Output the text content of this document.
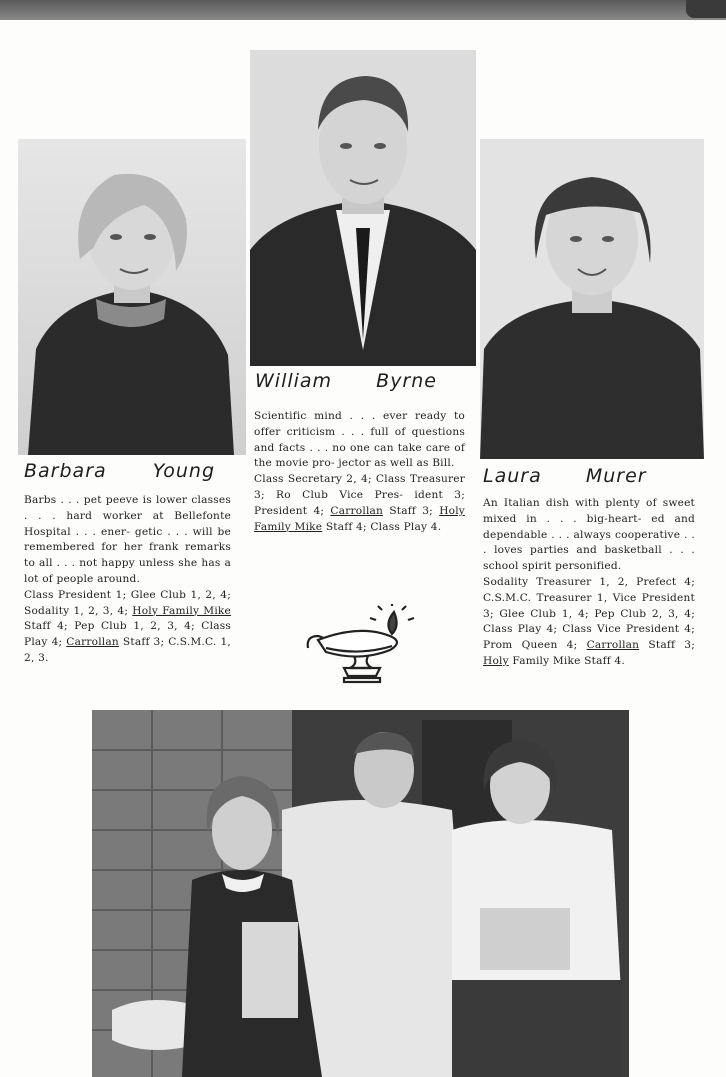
Barbara Young
William Byrne
Laura Murer

Barbs . . . pet peeve is lower classes . . . hard worker at Bellefonte Hospital . . . ener- getic . . . will be remembered for her frank remarks to all . . . not happy unless she has a lot of people around.

Class President 1; Glee Club 1, 2, 4; Sodality 1, 2, 3, 4; Holy Family Mike Staff 4; Pep Club 1, 2, 3, 4; Class Play 4; Carrollan Staff 3; C.S.M.C. 1, 2, 3.

Scientific mind . . . ever ready to offer criticism . . . full of questions and facts . . . no one can take care of the movie pro- jector as well as Bill.

Class Secretary 2, 4; Class Treasurer 3; Ro Club Vice Pres- ident 3; President 4; Carrollan Staff 3; Holy Family Mike Staff 4; Class Play 4.

An Italian dish with plenty of sweet mixed in . . . big-heart- ed and dependable . . . always cooperative . . . loves parties and basketball . . . school spirit personified.

Sodality Treasurer 1, 2, Prefect 4; C.S.M.C. Treasurer 1, Vice President 3; Glee Club 1, 4; Pep Club 2, 3, 4; Class Play 4; Class Vice President 4; Prom Queen 4; Carrollan Staff 3; Holy Family Mike Staff 4.
